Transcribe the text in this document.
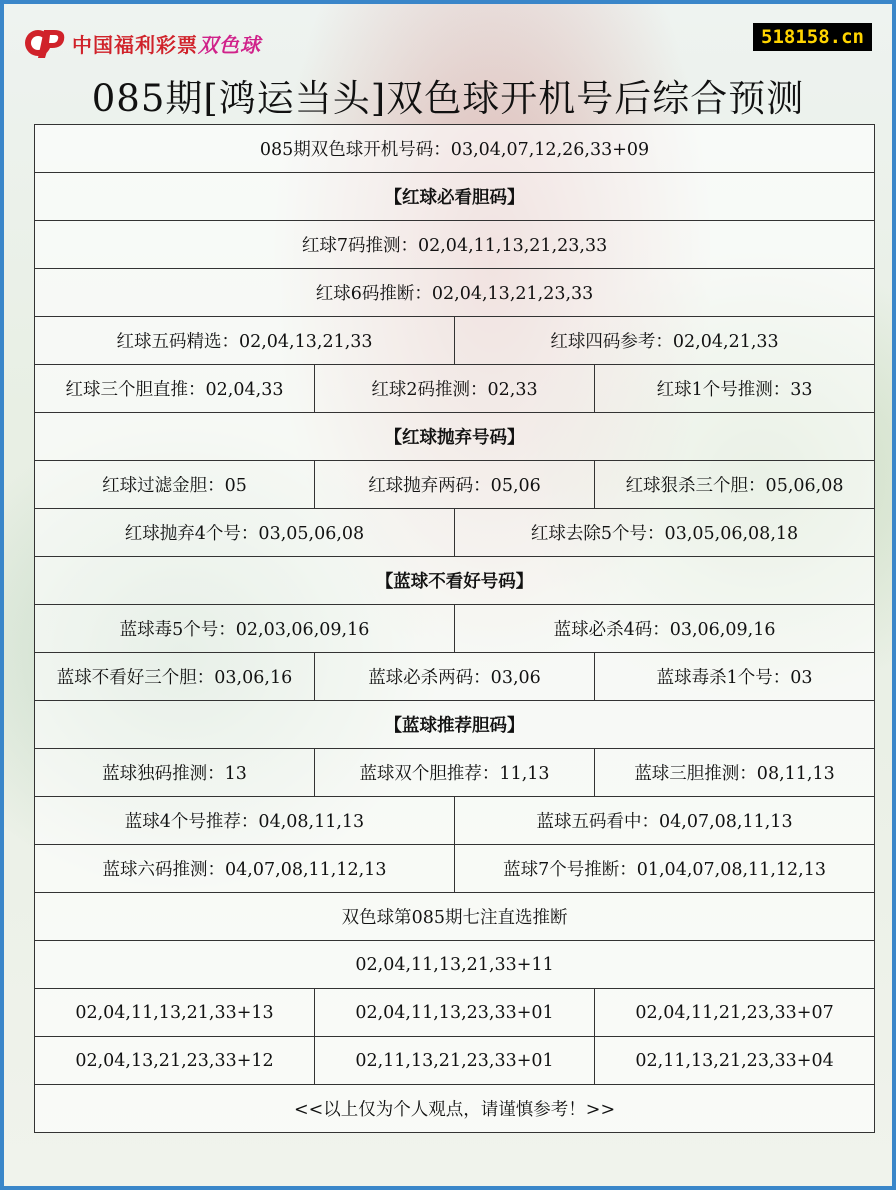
中国福利彩票双色球	518158.cn
085期[鸿运当头]双色球开机号后综合预测
085期双色球开机号码：03,04,07,12,26,33+09			
【红球必看胆码】			
红球7码推测：02,04,11,13,21,23,33			
红球6码推断：02,04,13,21,23,33			
红球五码精选：02,04,13,21,33		红球四码参考：02,04,21,33	
红球三个胆直推：02,04,33	红球2码推测：02,33		红球1个号推测：33
【红球抛弃号码】			
红球过滤金胆：05	红球抛弃两码：05,06		红球狠杀三个胆：05,06,08
红球抛弃4个号：03,05,06,08		红球去除5个号：03,05,06,08,18	
【蓝球不看好号码】			
蓝球毒5个号：02,03,06,09,16		蓝球必杀4码：03,06,09,16	
蓝球不看好三个胆：03,06,16	蓝球必杀两码：03,06		蓝球毒杀1个号：03
【蓝球推荐胆码】			
蓝球独码推测：13	蓝球双个胆推荐：11,13		蓝球三胆推测：08,11,13
蓝球4个号推荐：04,08,11,13		蓝球五码看中：04,07,08,11,13	
蓝球六码推测：04,07,08,11,12,13		蓝球7个号推断：01,04,07,08,11,12,13	
双色球第085期七注直选推断			
02,04,11,13,21,33+11			
02,04,11,13,21,33+13	02,04,11,13,23,33+01		02,04,11,21,23,33+07
02,04,13,21,23,33+12	02,11,13,21,23,33+01		02,11,13,21,23,33+04
<<以上仅为个人观点，请谨慎参考！>>			
